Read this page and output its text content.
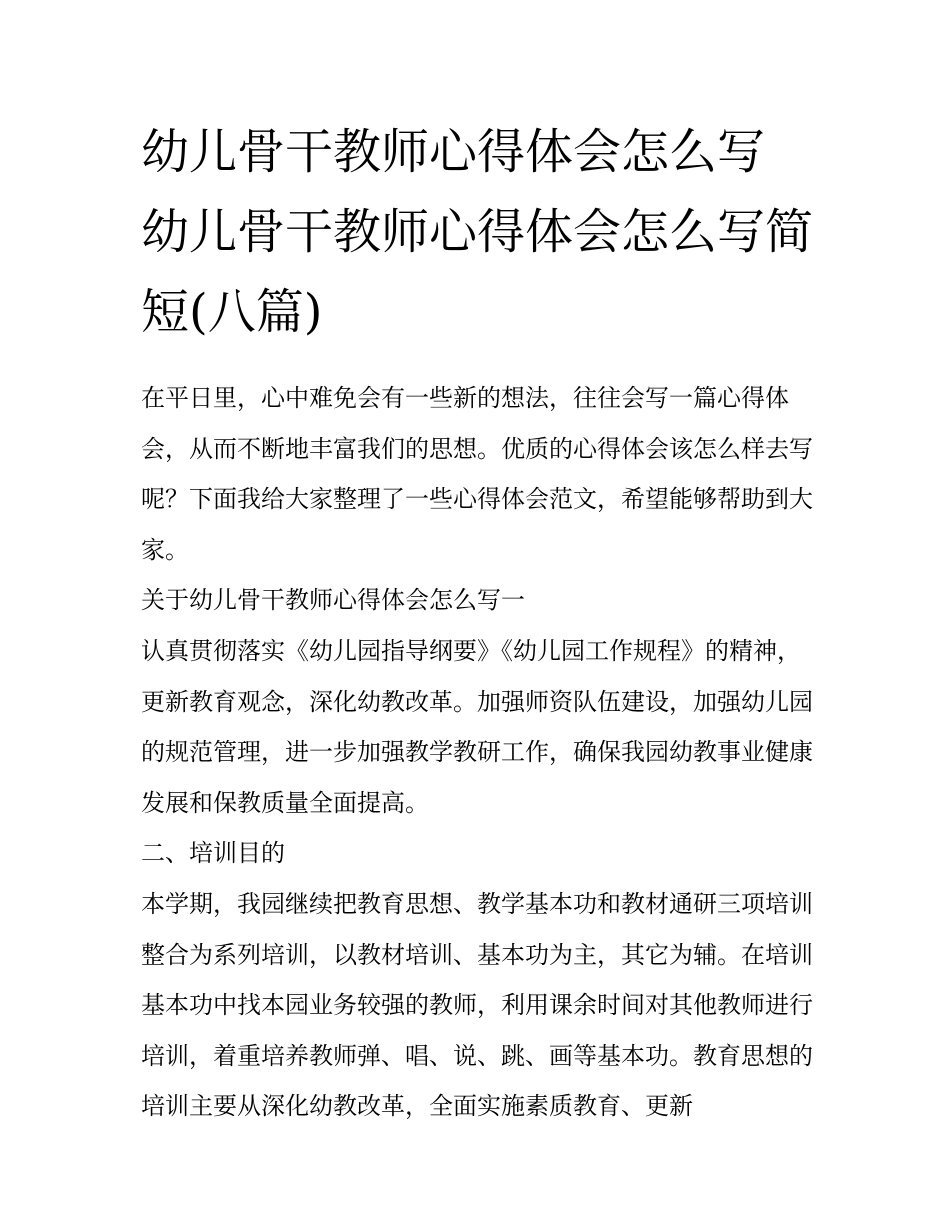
幼儿骨干教师心得体会怎么写 幼儿骨干教师心得体会怎么写简短(八篇)

在平日里，心中难免会有一些新的想法，往往会写一篇心得体会，从而不断地丰富我们的思想。优质的心得体会该怎么样去写呢？下面我给大家整理了一些心得体会范文，希望能够帮助到大家。

关于幼儿骨干教师心得体会怎么写一

认真贯彻落实《幼儿园指导纲要》《幼儿园工作规程》的精神，更新教育观念，深化幼教改革。加强师资队伍建设，加强幼儿园的规范管理，进一步加强教学教研工作，确保我园幼教事业健康发展和保教质量全面提高。

二、培训目的

本学期，我园继续把教育思想、教学基本功和教材通研三项培训整合为系列培训，以教材培训、基本功为主，其它为辅。在培训基本功中找本园业务较强的教师，利用课余时间对其他教师进行培训，着重培养教师弹、唱、说、跳、画等基本功。教育思想的培训主要从深化幼教改革，全面实施素质教育、更新
